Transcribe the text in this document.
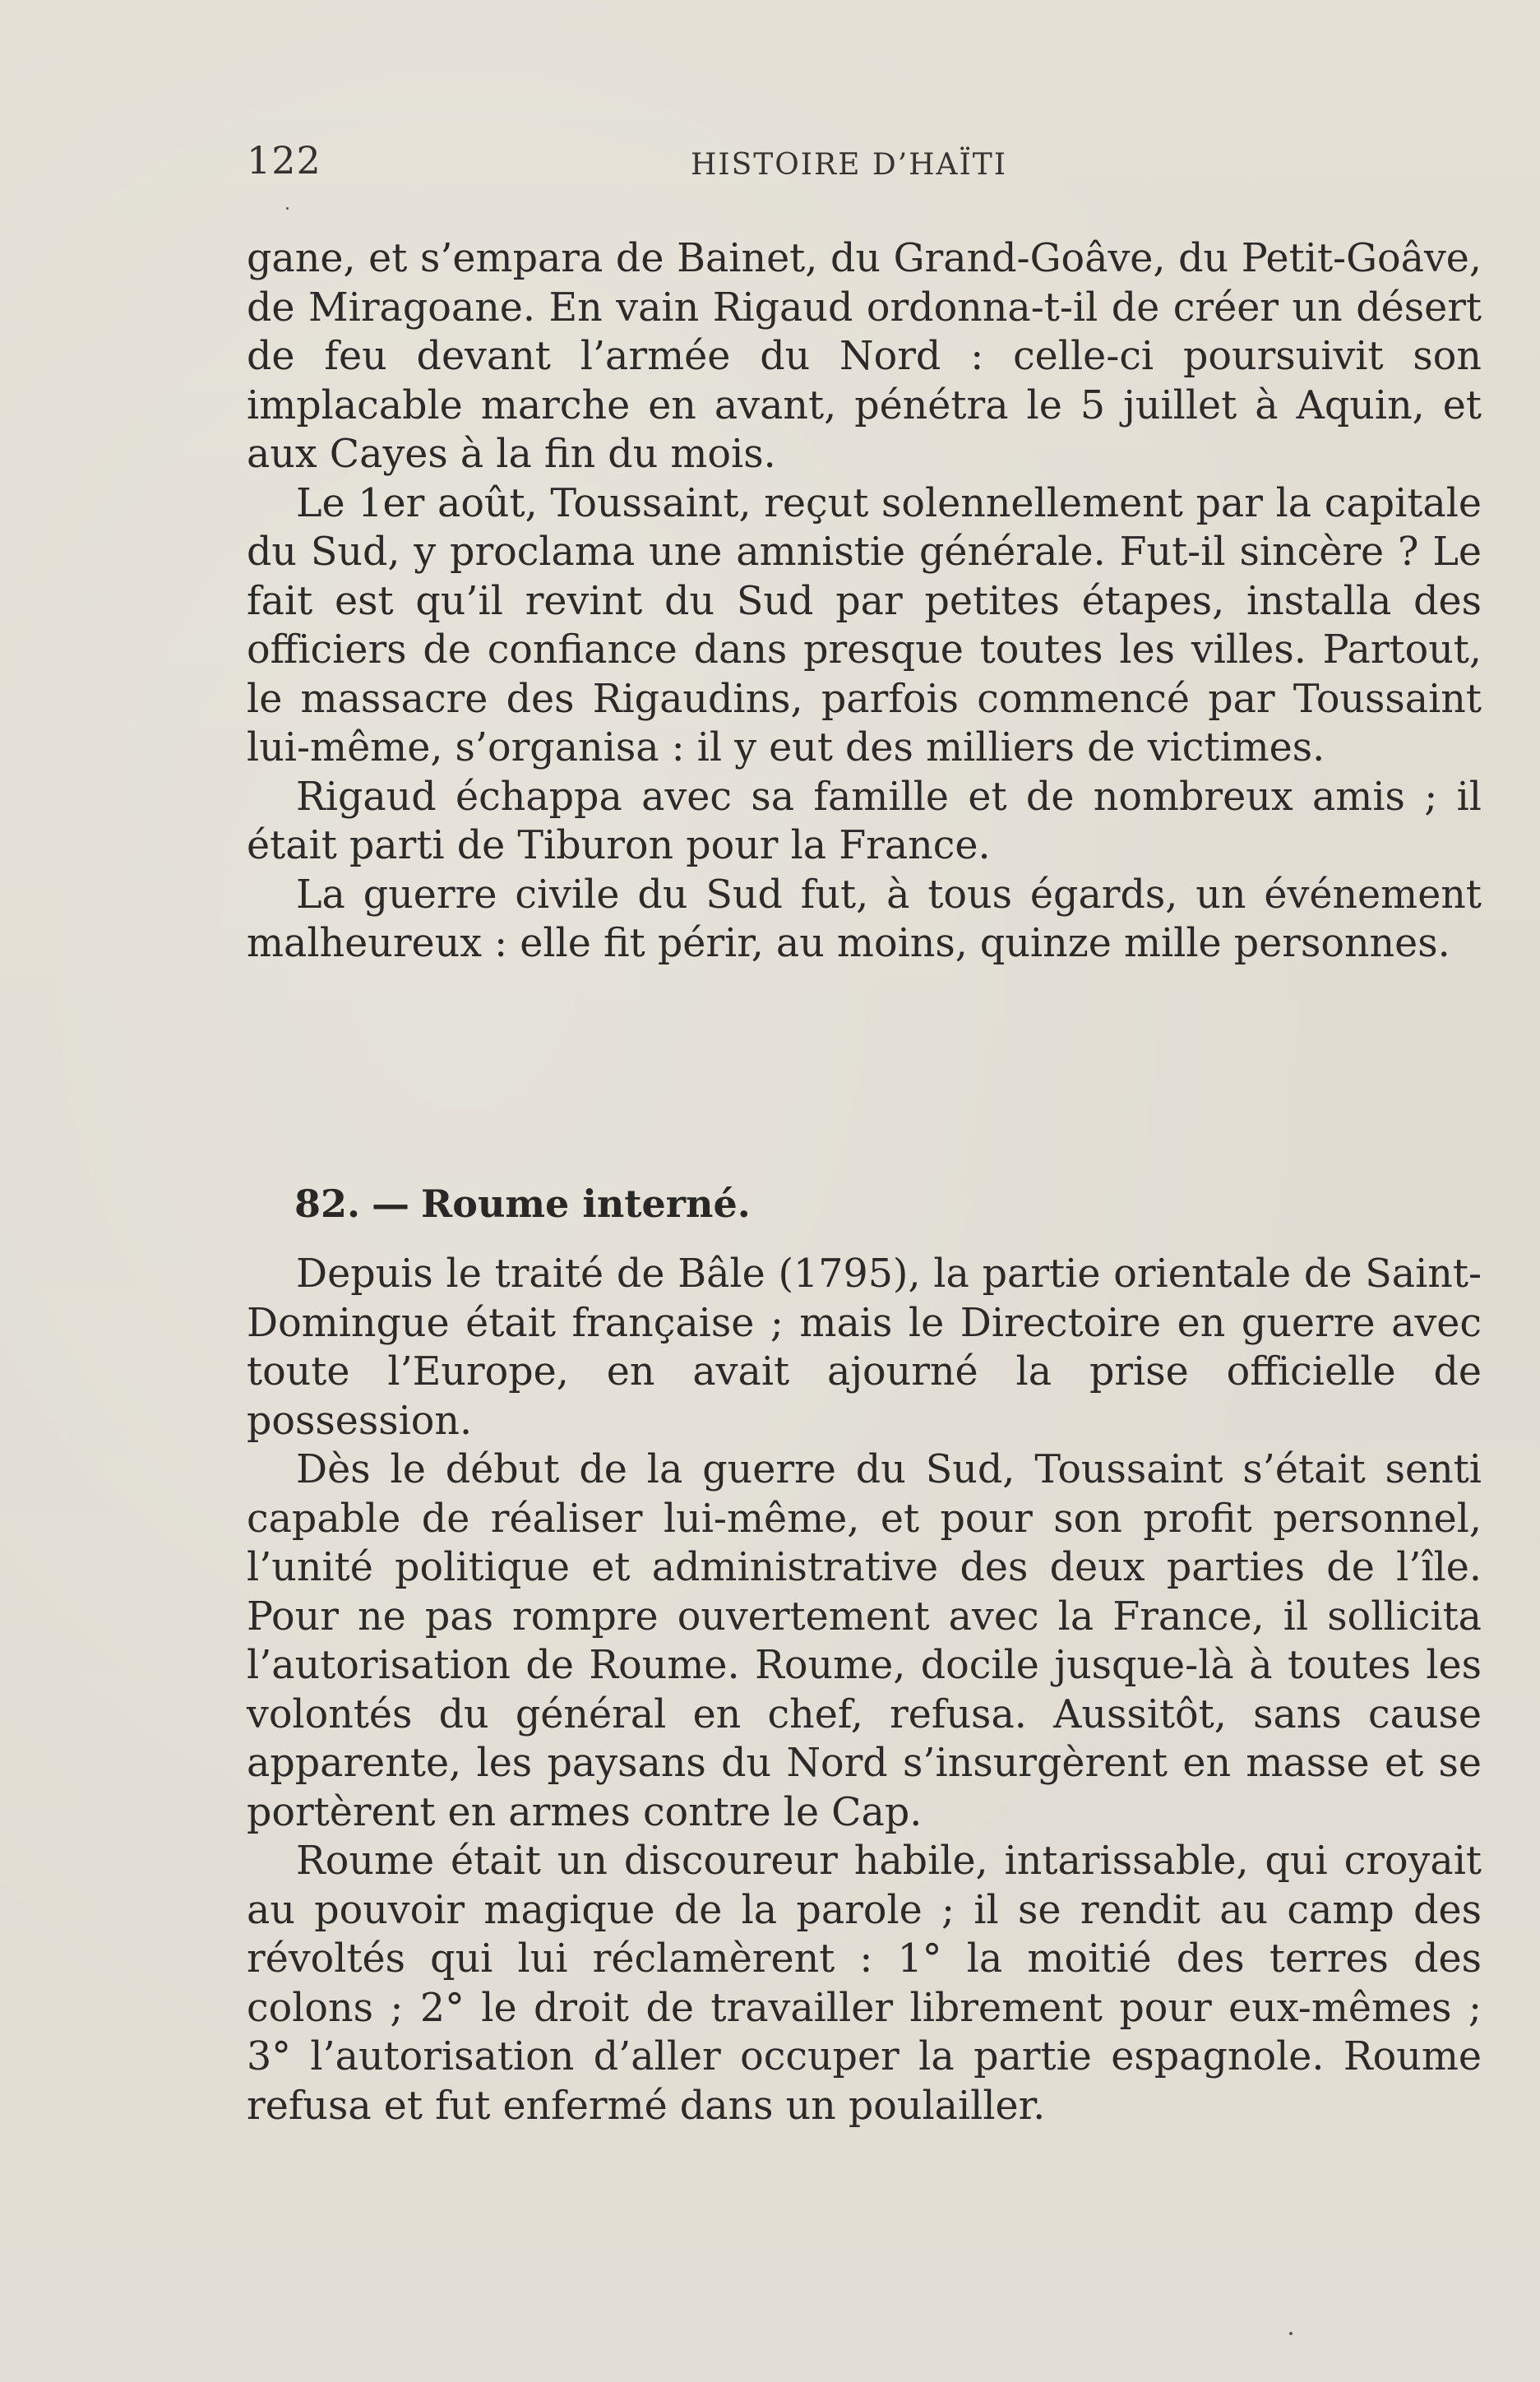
122	HISTOIRE D’HAÏTI

gane, et s’empara de Bainet, du Grand-Goâve, du Petit-Goâve, de Miragoane. En vain Rigaud ordonna-t-il de créer un désert de feu devant l’armée du Nord : celle-ci poursuivit son implacable marche en avant, pénétra le 5 juillet à Aquin, et aux Cayes à la fin du mois.

Le 1er août, Toussaint, reçut solennellement par la capitale du Sud, y proclama une amnistie générale. Fut-il sincère ? Le fait est qu’il revint du Sud par petites étapes, installa des officiers de confiance dans presque toutes les villes. Partout, le massacre des Rigaudins, parfois commencé par Toussaint lui-même, s’organisa : il y eut des milliers de victimes.

Rigaud échappa avec sa famille et de nombreux amis ; il était parti de Tiburon pour la France.

La guerre civile du Sud fut, à tous égards, un événement malheureux : elle fit périr, au moins, quinze mille personnes.

82. — Roume interné.

Depuis le traité de Bâle (1795), la partie orientale de Saint-Domingue était française ; mais le Directoire en guerre avec toute l’Europe, en avait ajourné la prise officielle de possession.

Dès le début de la guerre du Sud, Toussaint s’était senti capable de réaliser lui-même, et pour son profit personnel, l’unité politique et administrative des deux parties de l’île. Pour ne pas rompre ouvertement avec la France, il sollicita l’autorisation de Roume. Roume, docile jusque-là à toutes les volontés du général en chef, refusa. Aussitôt, sans cause apparente, les paysans du Nord s’insurgèrent en masse et se portèrent en armes contre le Cap.

Roume était un discoureur habile, intarissable, qui croyait au pouvoir magique de la parole ; il se rendit au camp des révoltés qui lui réclamèrent : 1° la moitié des terres des colons ; 2° le droit de travailler librement pour eux-mêmes ; 3° l’autorisation d’aller occuper la partie espagnole. Roume refusa et fut enfermé dans un poulailler.
